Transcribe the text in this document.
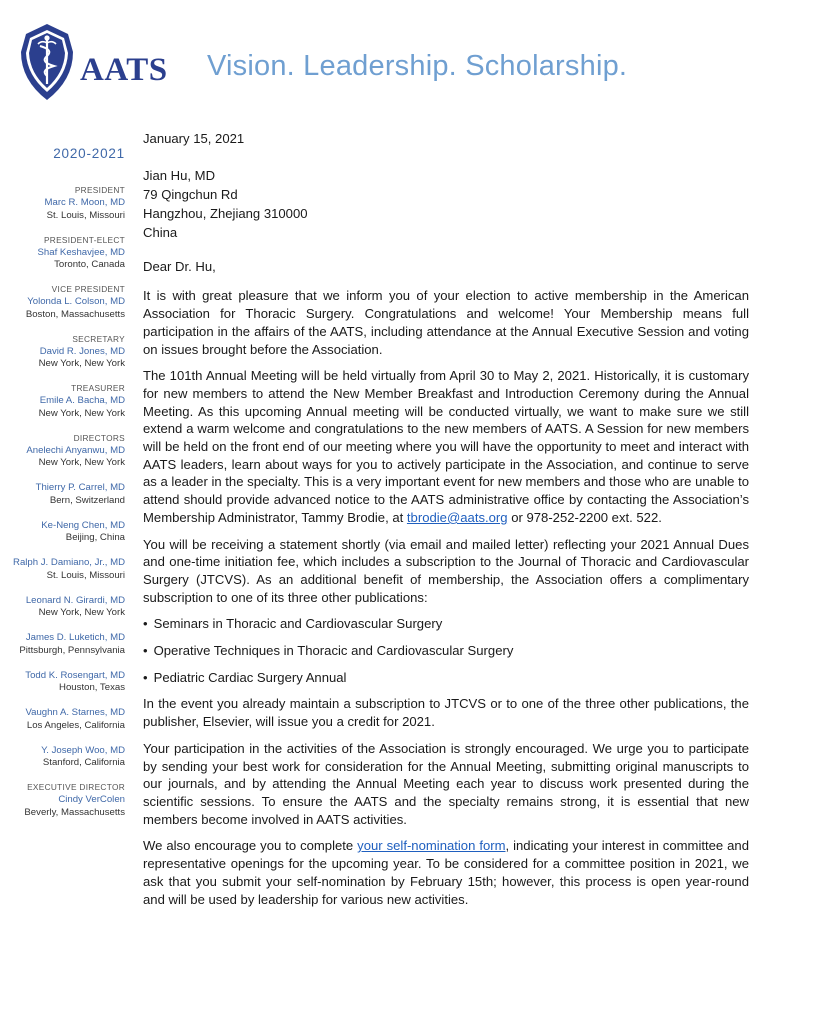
AATS Vision. Leadership. Scholarship.
2020-2021
PRESIDENT
Marc R. Moon, MD
St. Louis, Missouri
PRESIDENT-ELECT
Shaf Keshavjee, MD
Toronto, Canada
VICE PRESIDENT
Yolonda L. Colson, MD
Boston, Massachusetts
SECRETARY
David R. Jones, MD
New York, New York
TREASURER
Emile A. Bacha, MD
New York, New York
DIRECTORS
Anelechi Anyanwu, MD
New York, New York
Thierry P. Carrel, MD
Bern, Switzerland
Ke-Neng Chen, MD
Beijing, China
Ralph J. Damiano, Jr., MD
St. Louis, Missouri
Leonard N. Girardi, MD
New York, New York
James D. Luketich, MD
Pittsburgh, Pennsylvania
Todd K. Rosengart, MD
Houston, Texas
Vaughn A. Starnes, MD
Los Angeles, California
Y. Joseph Woo, MD
Stanford, California
EXECUTIVE DIRECTOR
Cindy VerColen
Beverly, Massachusetts

January 15, 2021

Jian Hu, MD
79 Qingchun Rd
Hangzhou, Zhejiang 310000
China

Dear Dr. Hu,

It is with great pleasure that we inform you of your election to active membership in the American Association for Thoracic Surgery. Congratulations and welcome! Your Membership means full participation in the affairs of the AATS, including attendance at the Annual Executive Session and voting on issues brought before the Association.

The 101th Annual Meeting will be held virtually from April 30 to May 2, 2021. Historically, it is customary for new members to attend the New Member Breakfast and Introduction Ceremony during the Annual Meeting. As this upcoming Annual meeting will be conducted virtually, we want to make sure we still extend a warm welcome and congratulations to the new members of AATS. A Session for new members will be held on the front end of our meeting where you will have the opportunity to meet and interact with AATS leaders, learn about ways for you to actively participate in the Association, and continue to serve as a leader in the specialty. This is a very important event for new members and those who are unable to attend should provide advanced notice to the AATS administrative office by contacting the Association’s Membership Administrator, Tammy Brodie, at tbrodie@aats.org or 978-252-2200 ext. 522.

You will be receiving a statement shortly (via email and mailed letter) reflecting your 2021 Annual Dues and one-time initiation fee, which includes a subscription to the Journal of Thoracic and Cardiovascular Surgery (JTCVS). As an additional benefit of membership, the Association offers a complimentary subscription to one of its three other publications:

• Seminars in Thoracic and Cardiovascular Surgery
• Operative Techniques in Thoracic and Cardiovascular Surgery
• Pediatric Cardiac Surgery Annual

In the event you already maintain a subscription to JTCVS or to one of the three other publications, the publisher, Elsevier, will issue you a credit for 2021.

Your participation in the activities of the Association is strongly encouraged. We urge you to participate by sending your best work for consideration for the Annual Meeting, submitting original manuscripts to our journals, and by attending the Annual Meeting each year to discuss work presented during the scientific sessions. To ensure the AATS and the specialty remains strong, it is essential that new members become involved in AATS activities.

We also encourage you to complete your self-nomination form, indicating your interest in committee and representative openings for the upcoming year. To be considered for a committee position in 2021, we ask that you submit your self-nomination by February 15th; however, this process is open year-round and will be used by leadership for various new activities.
